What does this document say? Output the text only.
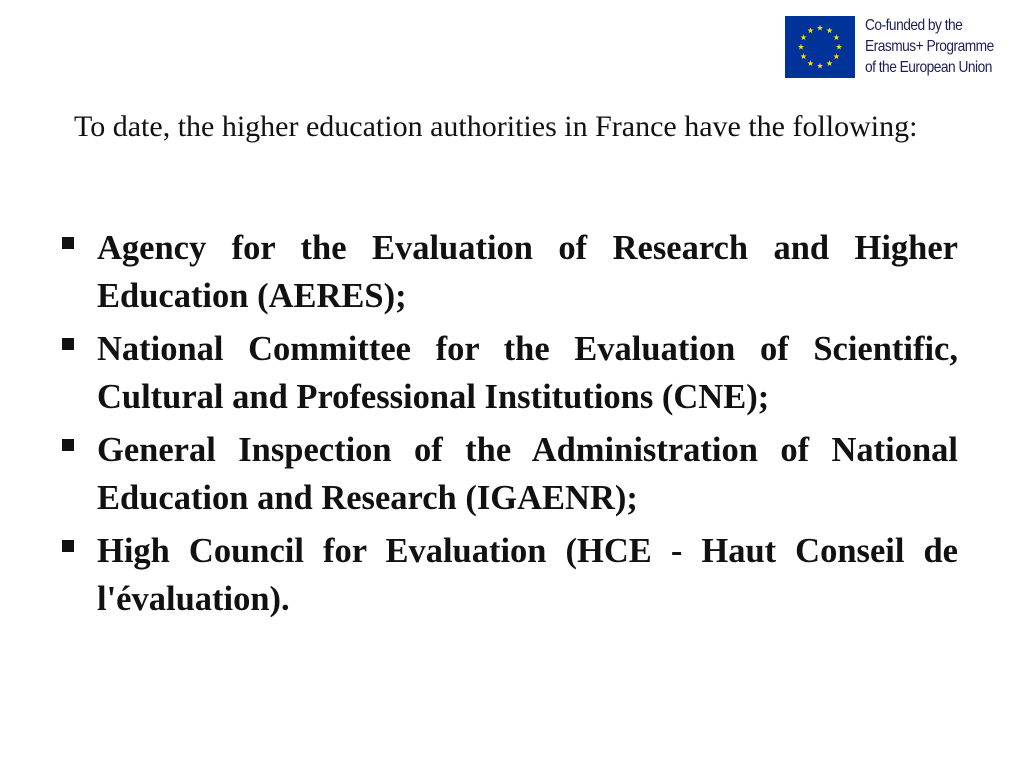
Co-funded by the
Erasmus+ Programme
of the European Union

To date, the higher education authorities in France have the following:

Agency for the Evaluation of Research and Higher Education (AERES);
National Committee for the Evaluation of Scientific, Cultural and Professional Institutions (CNE);
General Inspection of the Administration of National Education and Research (IGAENR);
High Council for Evaluation (HCE - Haut Conseil de l'évaluation).
